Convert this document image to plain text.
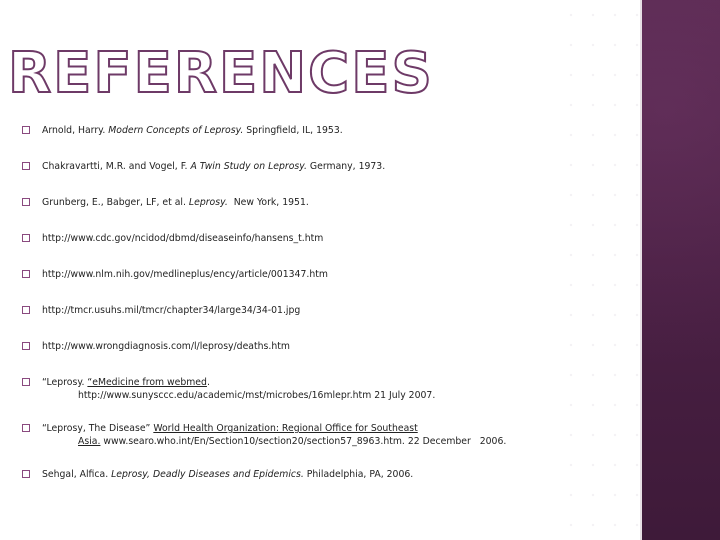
REFERENCES
Arnold, Harry. Modern Concepts of Leprosy. Springfield, IL, 1953.
Chakravartti, M.R. and Vogel, F. A Twin Study on Leprosy. Germany, 1973.
Grunberg, E., Babger, LF, et al. Leprosy.  New York, 1951.
http://www.cdc.gov/ncidod/dbmd/diseaseinfo/hansens_t.htm
http://www.nlm.nih.gov/medlineplus/ency/article/001347.htm
http://tmcr.usuhs.mil/tmcr/chapter34/large34/34-01.jpg
http://www.wrongdiagnosis.com/l/leprosy/deaths.htm
“Leprosy. “eMedicine from webmed.
http://www.sunysccc.edu/academic/mst/microbes/16mlepr.htm 21 July 2007.
“Leprosy, The Disease” World Health Organization: Regional Office for Southeast
Asia. www.searo.who.int/En/Section10/section20/section57_8963.htm. 22 December   2006.
Sehgal, Alfica. Leprosy, Deadly Diseases and Epidemics. Philadelphia, PA, 2006.
